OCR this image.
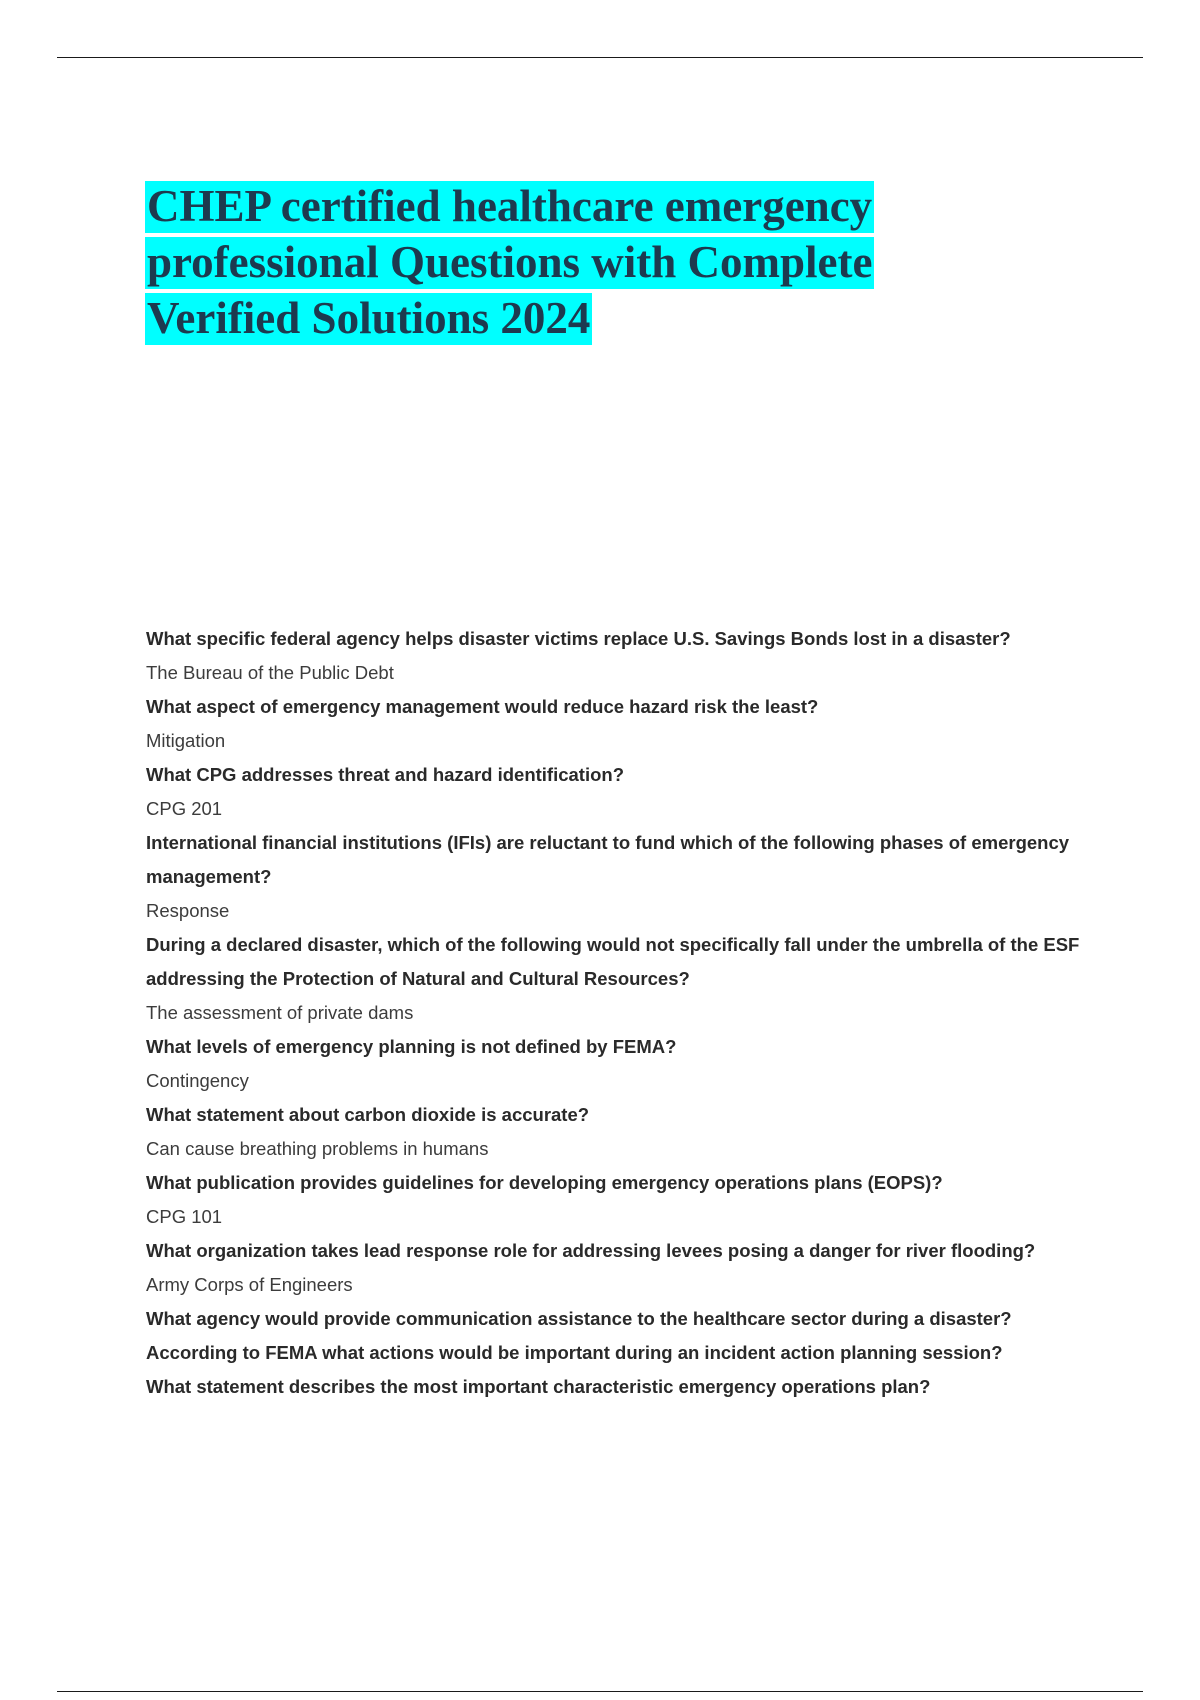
CHEP certified healthcare emergency professional Questions with Complete Verified Solutions 2024

What specific federal agency helps disaster victims replace U.S. Savings Bonds lost in a disaster?

The Bureau of the Public Debt

What aspect of emergency management would reduce hazard risk the least?

Mitigation

What CPG addresses threat and hazard identification?

CPG 201

International financial institutions (IFIs) are reluctant to fund which of the following phases of emergency management?

Response

During a declared disaster, which of the following would not specifically fall under the umbrella of the ESF addressing the Protection of Natural and Cultural Resources?

The assessment of private dams

What levels of emergency planning is not defined by FEMA?

Contingency

What statement about carbon dioxide is accurate?

Can cause breathing problems in humans

What publication provides guidelines for developing emergency operations plans (EOPS)?

CPG 101

What organization takes lead response role for addressing levees posing a danger for river flooding?

Army Corps of Engineers

What agency would provide communication assistance to the healthcare sector during a disaster?

According to FEMA what actions would be important during an incident action planning session?

What statement describes the most important characteristic emergency operations plan?
